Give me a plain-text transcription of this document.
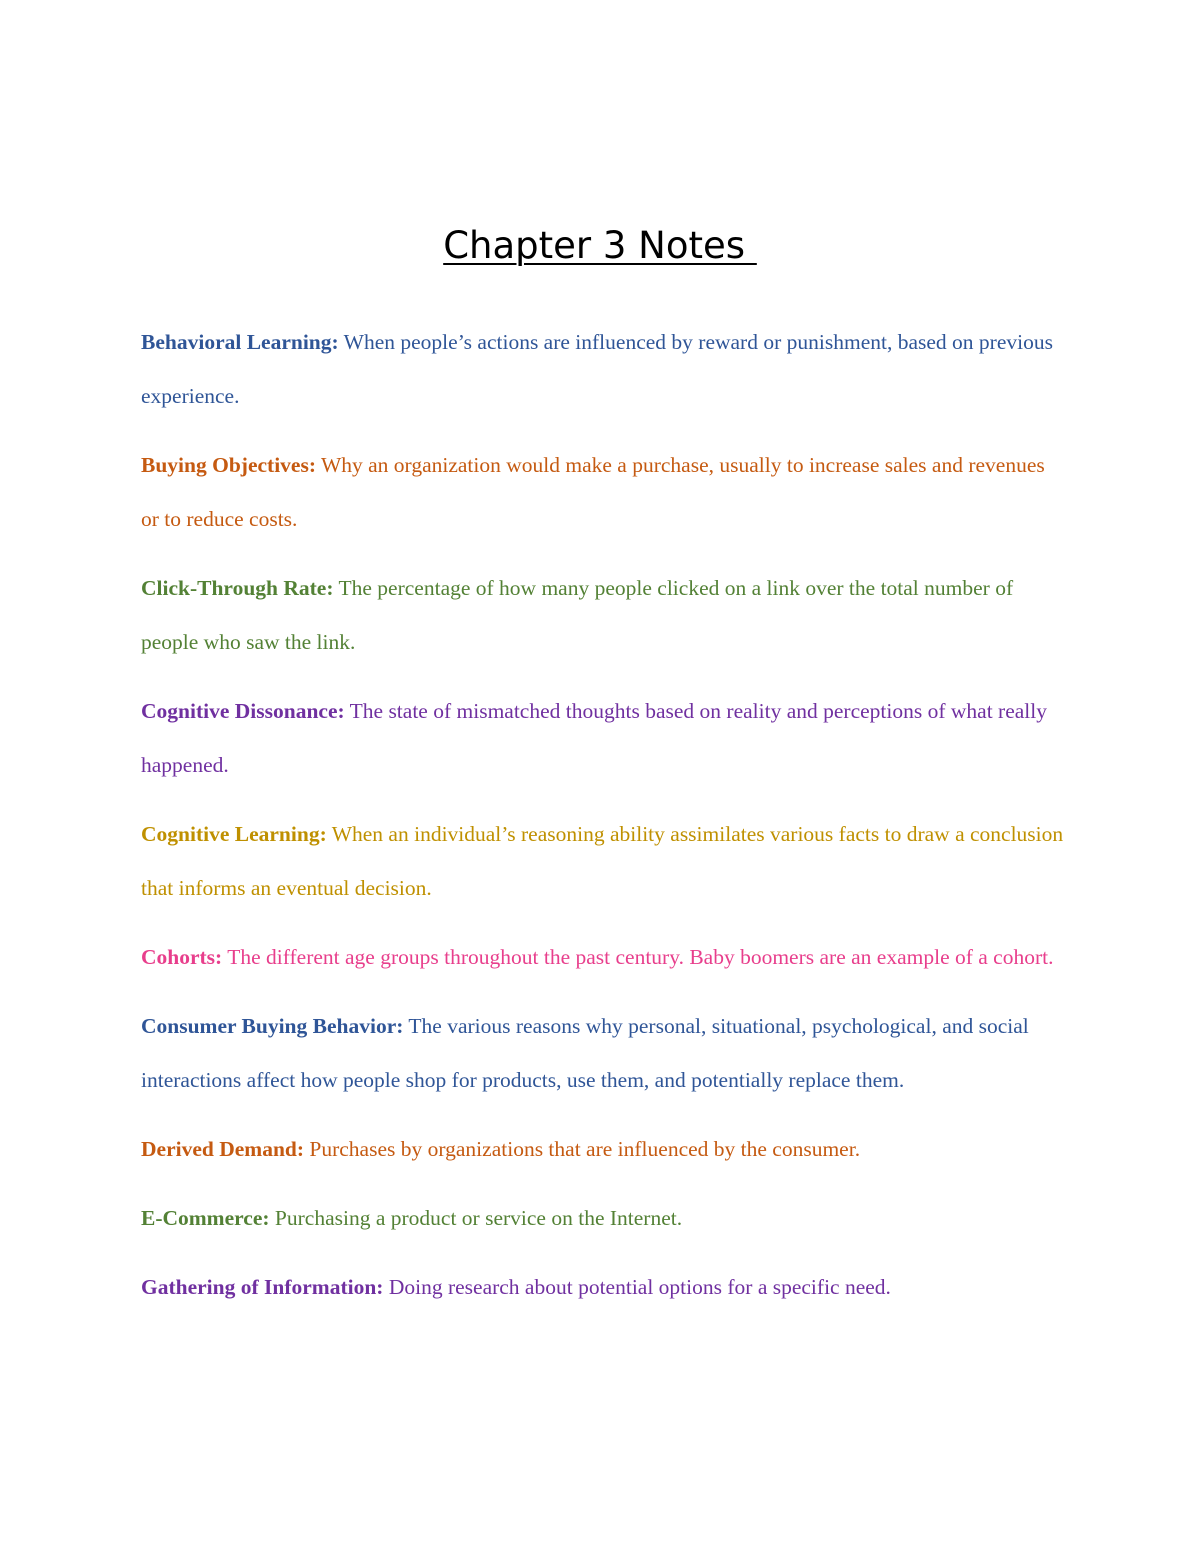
Chapter 3 Notes

Behavioral Learning: When people’s actions are influenced by reward or punishment, based on previous experience.

Buying Objectives: Why an organization would make a purchase, usually to increase sales and revenues or to reduce costs.

Click-Through Rate: The percentage of how many people clicked on a link over the total number of people who saw the link.

Cognitive Dissonance: The state of mismatched thoughts based on reality and perceptions of what really happened.

Cognitive Learning: When an individual’s reasoning ability assimilates various facts to draw a conclusion that informs an eventual decision.

Cohorts: The different age groups throughout the past century. Baby boomers are an example of a cohort.

Consumer Buying Behavior: The various reasons why personal, situational, psychological, and social interactions affect how people shop for products, use them, and potentially replace them.

Derived Demand: Purchases by organizations that are influenced by the consumer.

E-Commerce: Purchasing a product or service on the Internet.

Gathering of Information: Doing research about potential options for a specific need.
